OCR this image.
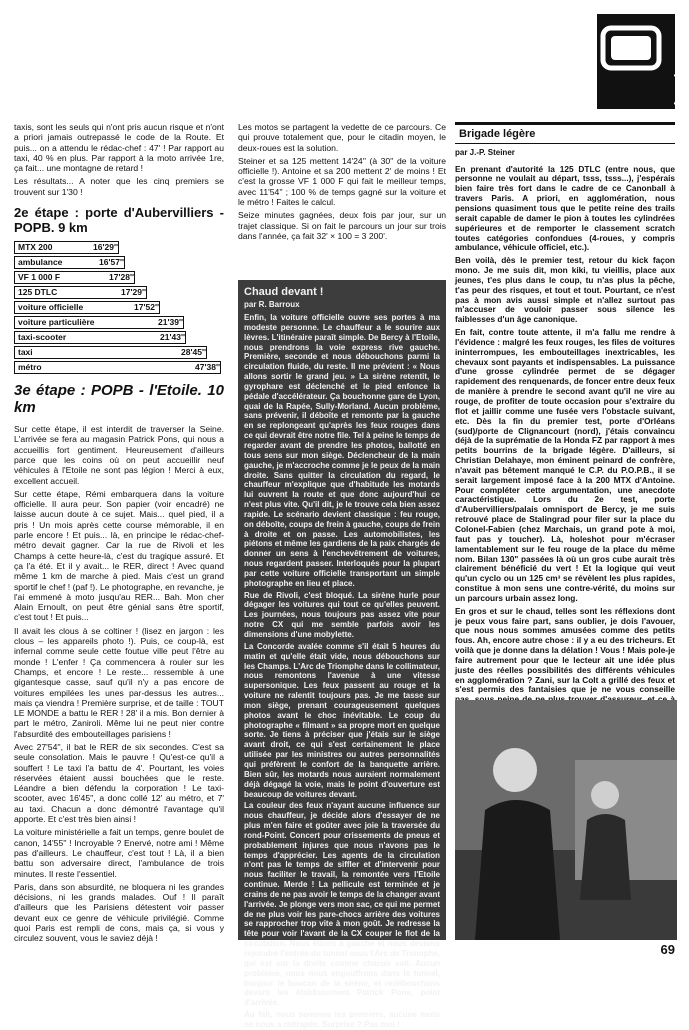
dossier

taxis, sont les seuls qui n'ont pris aucun risque et n'ont a priori jamais outrepassé le code de la Route. Et puis... on a attendu le rédac-chef : 47' ! Par rapport au taxi, 40 % en plus. Par rapport à la moto arrivée 1re, ça fait... une montagne de retard !

Les résultats... A noter que les cinq premiers se trouvent sur 1'30 !

2e étape : porte d'Aubervilliers - POPB. 9 km
MTX 200	16'29''
ambulance	16'57''
VF 1 000 F	17'28''
125 DTLC	17'29''
voiture officielle	17'52''
voiture particulière	21'39''
taxi-scooter	21'43''
taxi	28'45''
métro	47'38''
3e étape : POPB - l'Etoile. 10 km

Sur cette étape, il est interdit de traverser la Seine. L'arrivée se fera au magasin Patrick Pons, qui nous a accueillis fort gentiment. Heureusement d'ailleurs parce que les coins où on peut accueillir neuf véhicules à l'Etoile ne sont pas légion ! Merci à eux, excellent accueil.

Sur cette étape, Rémi embarquera dans la voiture officielle. Il aura peur. Son papier (voir encadré) ne laisse aucun doute à ce sujet. Mais... quel pied, il a pris ! Un mois après cette course mémorable, il en parle encore ! Et puis... là, en principe le rédac-chef-métro devait gagner. Car la rue de Rivoli et les Champs à cette heure-là, c'est du tragique assuré. Et ça l'a été. Et il y avait... le RER, direct ! Avec quand même 1 km de marche à pied. Mais c'est un grand sportif le chef ! (paf !). Le photographe, en revanche, je l'ai emmené à moto jusqu'au RER... Bah. Mon cher Alain Ernoult, on peut être génial sans être sportif, c'est tout ! Et puis...

Il avait les clous à se coltiner ! (lisez en jargon : les clous – les appareils photo !). Puis, ce coup-là, est infernal comme seule cette foutue ville peut l'être au monde ! L'enfer ! Ça commencera à rouler sur les Champs, et encore ! Le reste... ressemble à une gigantesque casse, sauf qu'il n'y a pas encore de voitures empilées les unes par-dessus les autres... mais ça viendra ! Première surprise, et de taille : TOUT LE MONDE a battu le RER ! 28' il a mis. Bon dernier à part le métro, Zaniroli. Même lui ne peut nier contre l'absurdité des embouteillages parisiens !

Avec 27'54'', il bat le RER de six secondes. C'est sa seule consolation. Mais le pauvre ! Qu'est-ce qu'il a souffert ! Le taxi l'a battu de 4'. Pourtant, les voies réservées étaient aussi bouchées que le reste. Léandre a bien défendu la corporation ! Le taxi-scooter, avec 16'45'', a donc collé 12' au métro, et 7' au taxi. Chacun a donc démontré l'avantage qu'il apporte. Et c'est très bien ainsi !

La voiture ministérielle a fait un temps, genre boulet de canon, 14'55'' ! Incroyable ? Enervé, notre ami ! Même pas d'ailleurs. Le chauffeur, c'est tout ! Là, il a bien battu son adversaire direct, l'ambulance de trois minutes. Il reste l'essentiel.

Paris, dans son absurdité, ne bloquera ni les grandes décisions, ni les grands malades. Ouf ! Il paraît d'ailleurs que les Parisiens détestent voir passer devant eux ce genre de véhicule privilégié. Comme quoi Paris est rempli de cons, mais ça, si vous y circulez souvent, vous le saviez déjà !

Les motos se partagent la vedette de ce parcours. Ce qui prouve totalement que, pour le citadin moyen, le deux-roues est la solution.

Steiner et sa 125 mettent 14'24'' (à 30'' de la voiture officielle !). Antoine et sa 200 mettent 2' de moins ! Et c'est la grosse VF 1 000 F qui fait le meilleur temps, avec 11'54'' ; 100 % de temps gagné sur la voiture et le métro ! Faites le calcul.

Seize minutes gagnées, deux fois par jour, sur un trajet classique. Si on fait le parcours un jour sur trois dans l'année, ça fait 32' × 100 = 3 200'.

Chaud devant !
par R. Barroux

Enfin, la voiture officielle ouvre ses portes à ma modeste personne. Le chauffeur a le sourire aux lèvres. L'itinéraire paraît simple. De Bercy à l'Etoile, nous prendrons la voie express rive gauche. Première, seconde et nous débouchons parmi la circulation fluide, du reste. Il me prévient : « Nous allons sortir le grand jeu. » La sirène retentit, le gyrophare est déclenché et le pied enfonce la pédale d'accélérateur. Ça bouchonne gare de Lyon, quai de la Rapée, Sully-Morland. Aucun problème, sans prévenir, il déboîte et remonte par la gauche en se replongeant qu'après les feux rouges dans ce qui devrait être notre file. Tel à peine le temps de regarder avant de prendre les photos, ballotté en tous sens sur mon siège. Déclencheur de la main gauche, je m'accroche comme je le peux de la main droite. Sans quitter la circulation du regard, le chauffeur m'explique que d'habitude les motards lui ouvrent la route et que donc aujourd'hui ce n'est plus vite. Qu'il dit, je le trouve cela bien assez rapide. Le scénario devient classique : feu rouge, on déboîte, coups de frein à gauche, coups de frein à droite et on passe. Les automobilistes, les piétons et même les gardiens de la paix chargés de donner un sens à l'enchevêtrement de voitures, nous regardent passer. Interloqués pour la plupart par cette voiture officielle transportant un simple photographe en lieu et place.

Rue de Rivoli, c'est bloqué. La sirène hurle pour dégager les voitures qui tout ce qu'elles peuvent. Les journées, nous toujours pas assez vite pour notre CX qui me semble parfois avoir les dimensions d'une mobylette.

La Concorde avalée comme s'il était 5 heures du matin et qu'elle était vide, nous débouchons sur les Champs. L'Arc de Triomphe dans le collimateur, nous remontons l'avenue à une vitesse supersonique. Les feux passent au rouge et la voiture ne ralentit toujours pas. Je me tasse sur mon siège, prenant courageusement quelques photos avant le choc inévitable. Le coup du photographe « filmant » sa propre mort en quelque sorte. Je tiens à préciser que j'étais sur le siège avant droit, ce qui s'est certainement le place utilisée par les ministres ou autres personnalités qui préfèrent le confort de la banquette arrière. Bien sûr, les motards nous auraient normalement déjà dégagé la voie, mais le point d'ouverture est beaucoup de voitures devant.

La couleur des feux n'ayant aucune influence sur nous chauffeur, je décide alors d'essayer de ne plus m'en faire et goûter avec joie la traversée du rond-Point. Concert pour crissements de pneus et probablement injures que nous n'avons pas le temps d'apprécier. Les agents de la circulation n'ont pas le temps de siffler et d'intervenir pour nous faciliter le travail, la remontée vers l'Etoile continue. Merde ! La pellicule est terminée et je crains de ne pas avoir le temps de la changer avant l'arrivée. Je plonge vers mon sac, ce qui me permet de ne plus voir les pare-chocs arrière des voitures se rapprocher trop vite à mon goût. Je redresse la tête pour voir l'avant de la CX couper le flot de la circulation. Nous étions à gauche et nous devions rejoindre l'entrée du tunnel sous l'Arc de Triomphe, qui est sur la droite comme chacun sait. Aucun problème, nous nous engouffrons dans le tunnel, bonjour le boucan de la sirène, et redébouchons devant les établissement Patrick Pons, point d'arrivée.

Au fait, nous sommes les premiers, aucune moto ne nous a rattrapés. Surprise ? Pas moi !

Brigade légère
par J.-P. Steiner

En prenant d'autorité la 125 DTLC (entre nous, que personne ne voulait au départ, tsss, tsss...), j'espérais bien faire très fort dans le cadre de ce Canonball à travers Paris. A priori, en agglomération, nous pensions quasiment tous que le petite reine des trails serait capable de damer le pion à toutes les cylindrées supérieures et de remporter le classement scratch toutes catégories confondues (4-roues, y compris ambulance, véhicule officiel, etc.).

Ben voilà, dès le premier test, retour du kick façon mono. Je me suis dit, mon kiki, tu vieillis, place aux jeunes, t'es plus dans le coup, tu n'as plus la pêche, t'as peur des risques, et tout et tout. Pourtant, ce n'est pas à mon avis aussi simple et n'allez surtout pas m'accuser de vouloir passer sous silence les faiblesses d'un âge canonique.

En fait, contre toute attente, il m'a fallu me rendre à l'évidence : malgré les feux rouges, les files de voitures ininterrompues, les embouteillages inextricables, les chevaux sont payants et indispensables. La puissance d'une grosse cylindrée permet de se dégager rapidement des renquenards, de foncer entre deux feux de manière à prendre le second avant qu'il ne vire au rouge, de profiter de toute occasion pour s'extraire du flot et jaillir comme une fusée vers l'obstacle suivant, etc. Dès la fin du premier test, porte d'Orléans (sud)/porte de Clignancourt (nord), j'étais convaincu déjà de la suprématie de la Honda FZ par rapport à mes petits bourrins de la brigade légère. D'ailleurs, si Christian Delahaye, mon éminent peinard de confrère, n'avait pas bêtement manqué le C.P. du P.O.P.B., il se serait largement imposé face à la 200 MTX d'Antoine. Pour compléter cette argumentation, une anecdote caractéristique. Lors du 2e test, porte d'Aubervilliers/palais omnisport de Bercy, je me suis retrouvé place de Stalingrad pour filer sur la place du Colonel-Fabien (chez Marchais, un grand pote à moi, faut pas y toucher). Là, holeshot pour m'écraser lamentablement sur le feu rouge de la place du même nom. Bilan 130" passées là où un gros cube aurait très clairement bénéficié du vert ! Et la logique qui veut qu'un cyclo ou un 125 cm³ se révèlent les plus rapides, constitue à mon sens une contre-vérité, du moins sur un parcours urbain assez long.

En gros et sur le chaud, telles sont les réflexions dont je peux vous faire part, sans oublier, je dois l'avouer, que nous nous sommes amusées comme des petits fous. Ah, encore autre chose : il y a eu des tricheurs. Et voilà que je donne dans la délation ! Vous ! Mais pole-je faire autrement pour que le lecteur ait une idée plus juste des réelles possibilités des différents véhicules en agglomération ? Zani, sur la Colt a grillé des feux et s'est permis des fantaisies que je ne vous conseille

69
